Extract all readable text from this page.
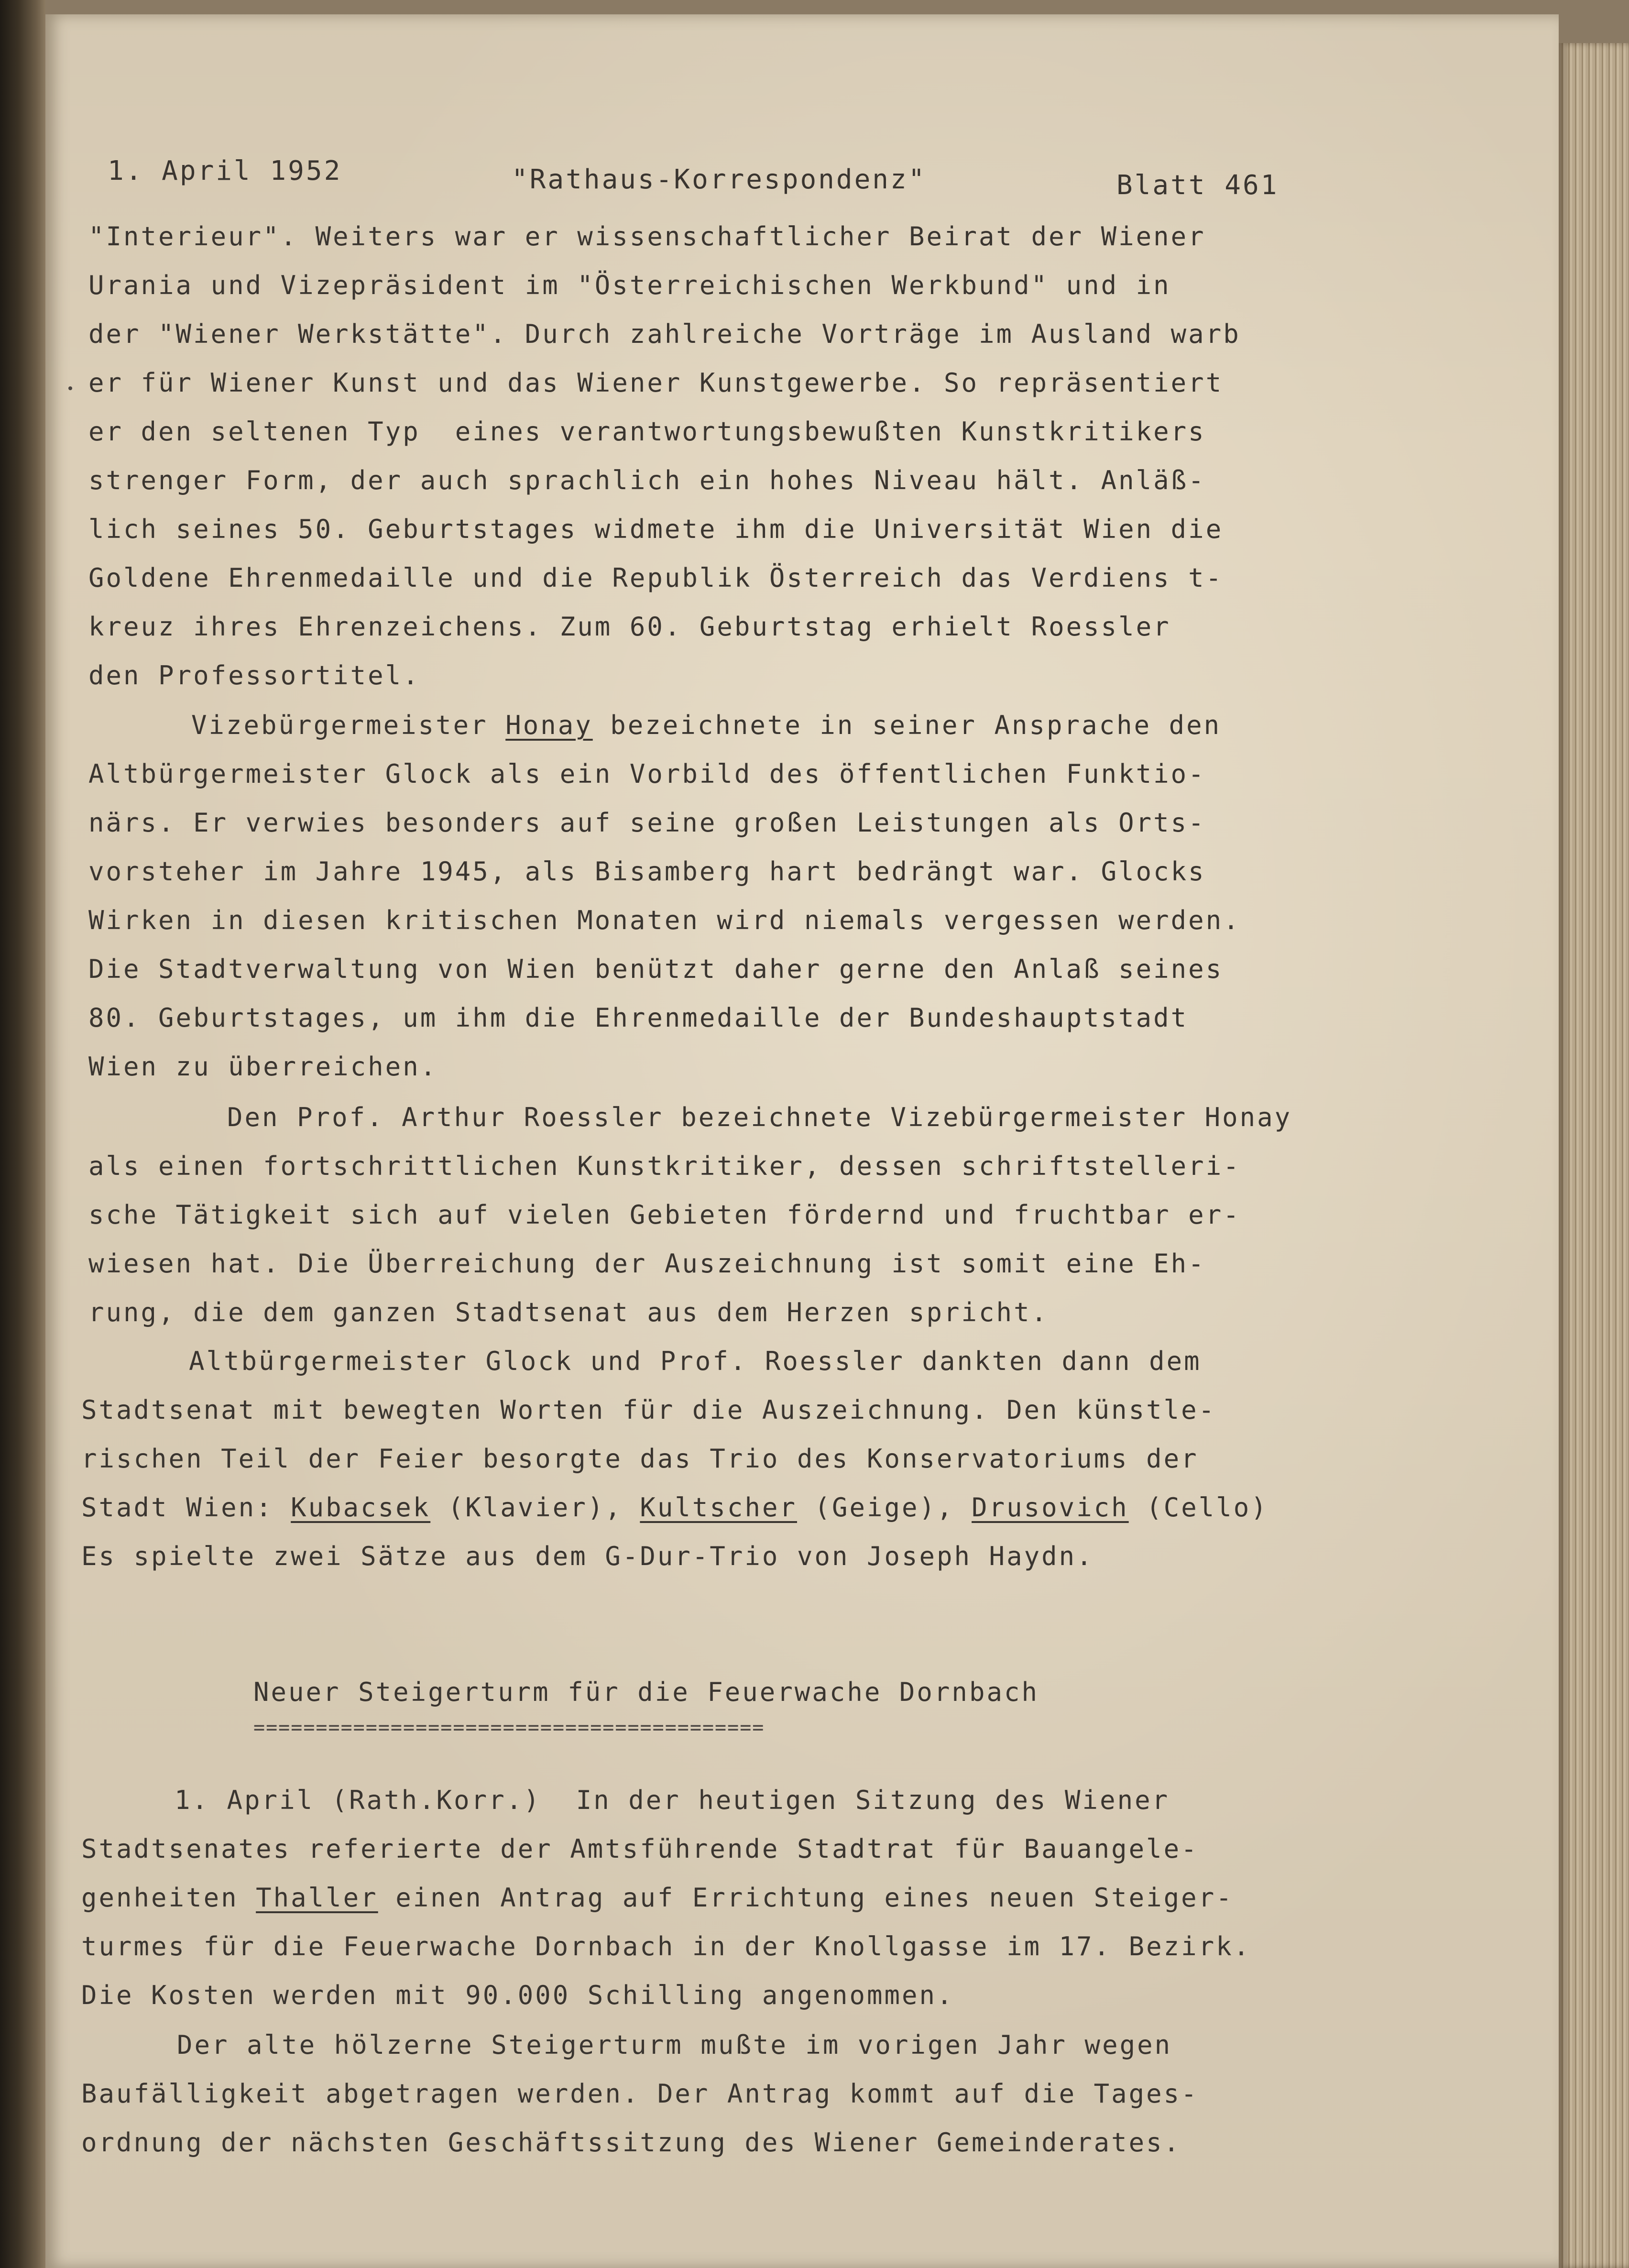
1. April 1952	"Rathaus-Korrespondenz"	Blatt 461
"Interieur". Weiters war er wissenschaftlicher Beirat der Wiener
Urania und Vizepräsident im "Österreichischen Werkbund" und in
der "Wiener Werkstätte". Durch zahlreiche Vorträge im Ausland warb
er für Wiener Kunst und das Wiener Kunstgewerbe. So repräsentiert
er den seltenen Typ  eines verantwortungsbewußten Kunstkritikers
strenger Form, der auch sprachlich ein hohes Niveau hält. Anläß-
lich seines 50. Geburtstages widmete ihm die Universität Wien die
Goldene Ehrenmedaille und die Republik Österreich das Verdiens t-
kreuz ihres Ehrenzeichens. Zum 60. Geburtstag erhielt Roessler
den Professortitel.
Vizebürgermeister Honay bezeichnete in seiner Ansprache den
Altbürgermeister Glock als ein Vorbild des öffentlichen Funktio-
närs. Er verwies besonders auf seine großen Leistungen als Orts-
vorsteher im Jahre 1945, als Bisamberg hart bedrängt war. Glocks
Wirken in diesen kritischen Monaten wird niemals vergessen werden.
Die Stadtverwaltung von Wien benützt daher gerne den Anlaß seines
80. Geburtstages, um ihm die Ehrenmedaille der Bundeshauptstadt
Wien zu überreichen.
Den Prof. Arthur Roessler bezeichnete Vizebürgermeister Honay
als einen fortschrittlichen Kunstkritiker, dessen schriftstelleri-
sche Tätigkeit sich auf vielen Gebieten fördernd und fruchtbar er-
wiesen hat. Die Überreichung der Auszeichnung ist somit eine Eh-
rung, die dem ganzen Stadtsenat aus dem Herzen spricht.
Altbürgermeister Glock und Prof. Roessler dankten dann dem
Stadtsenat mit bewegten Worten für die Auszeichnung. Den künstle-
rischen Teil der Feier besorgte das Trio des Konservatoriums der
Stadt Wien: Kubacsek (Klavier), Kultscher (Geige), Drusovich (Cello)
Es spielte zwei Sätze aus dem G-Dur-Trio von Joseph Haydn.
Neuer Steigerturm für die Feuerwache Dornbach
=========================================
1. April (Rath.Korr.)  In der heutigen Sitzung des Wiener
Stadtsenates referierte der Amtsführende Stadtrat für Bauangele-
genheiten Thaller einen Antrag auf Errichtung eines neuen Steiger-
turmes für die Feuerwache Dornbach in der Knollgasse im 17. Bezirk.
Die Kosten werden mit 90.000 Schilling angenommen.
Der alte hölzerne Steigerturm mußte im vorigen Jahr wegen
Baufälligkeit abgetragen werden. Der Antrag kommt auf die Tages-
ordnung der nächsten Geschäftssitzung des Wiener Gemeinderates.
